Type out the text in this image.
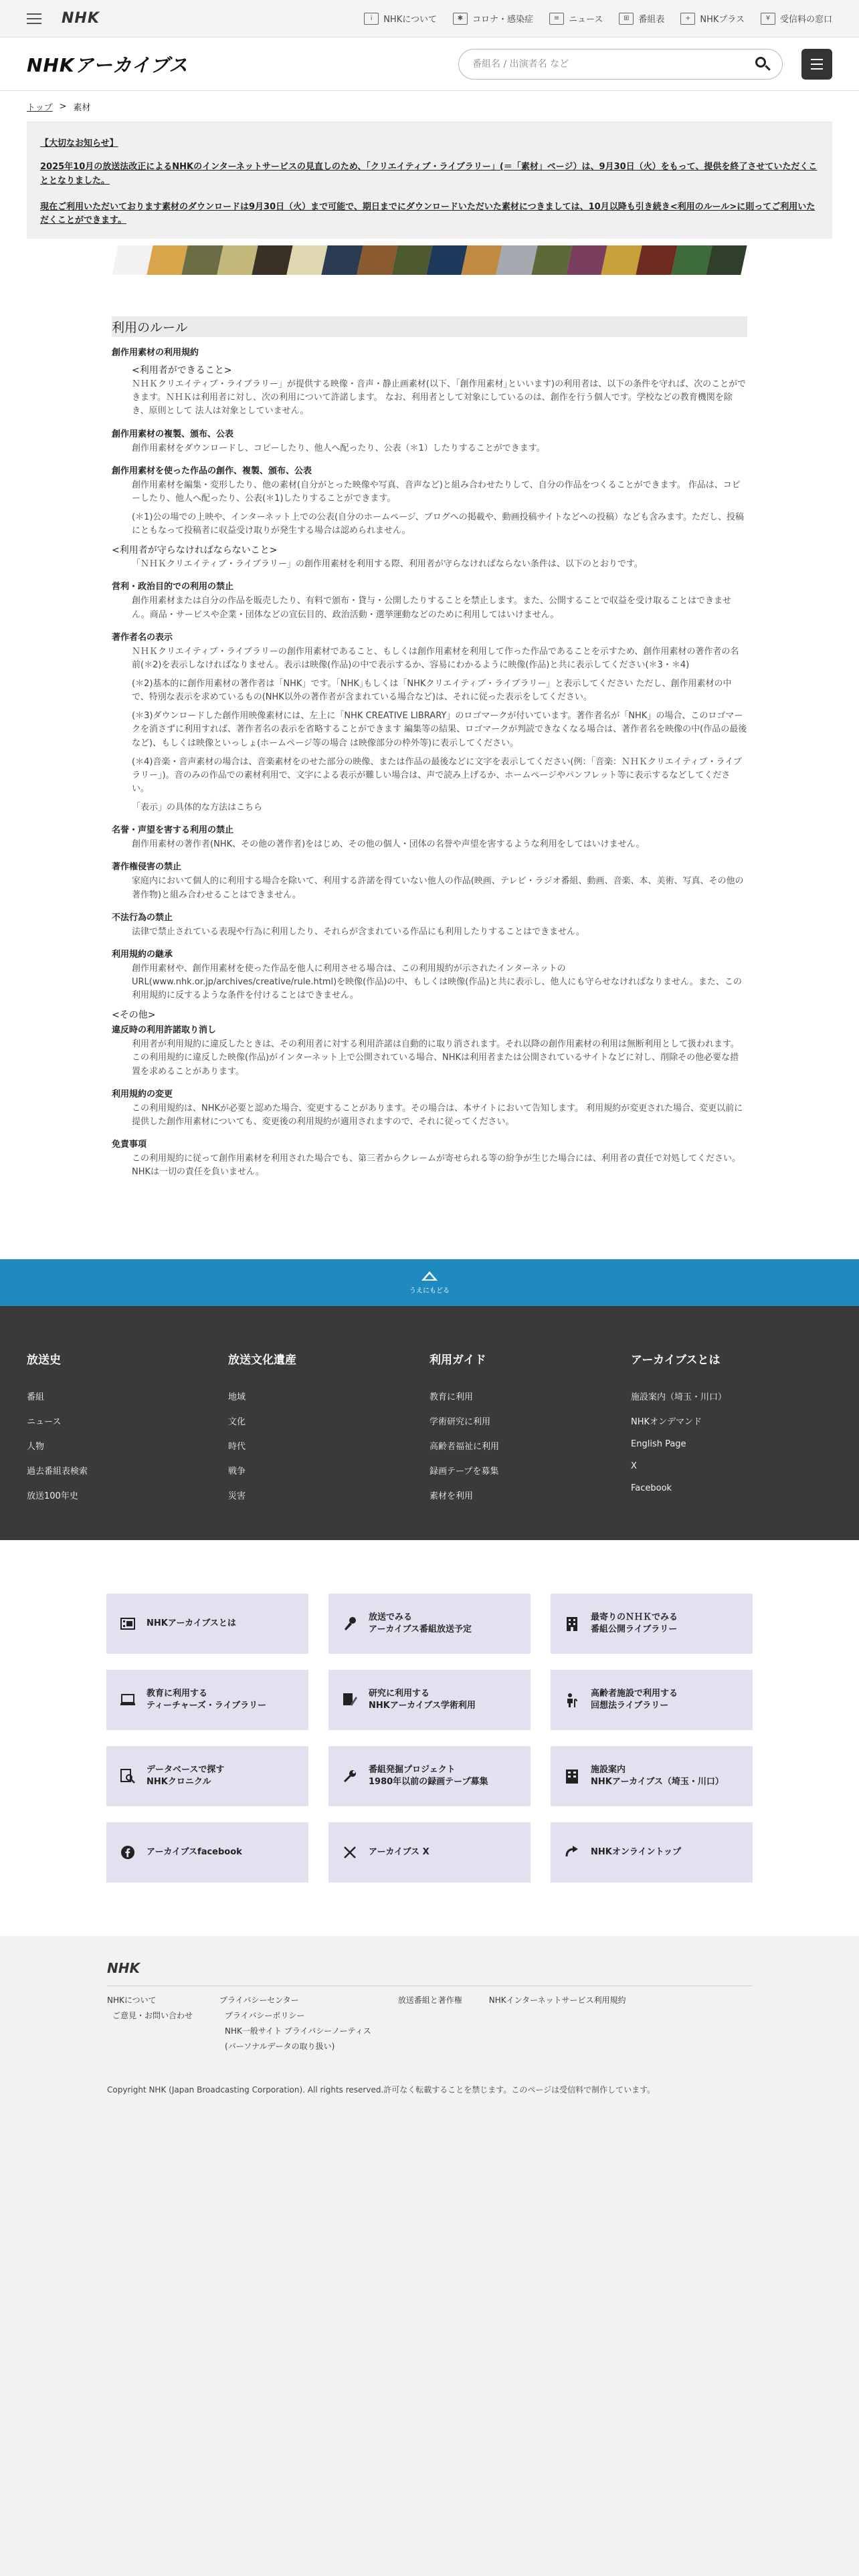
NHK	i	NHKについて	✱	コロナ・感染症	≡	ニュース	⊞	番組表	+	NHKプラス	¥	受信料の窓口
NHKアーカイブス
番組名 / 出演者名 など
トップ > 素材
【大切なお知らせ】

2025年10月の放送法改正によるNHKのインターネットサービスの見直しのため、「クリエイティブ・ライブラリー」(＝「素材」ページ）は、9月30日（火）をもって、提供を終了させていただくこととなりました。

現在ご利用いただいております素材のダウンロードは9月30日（火）まで可能で、期日までにダウンロードいただいた素材につきましては、10月以降も引き続き<利用のルール>に則ってご利用いただくことができます。

利用のルール
創作用素材の利用規約
<利用者ができること>
ＮＨＫクリエイティブ・ライブラリー」が提供する映像・音声・静止画素材(以下、｢創作用素材｣といいます)の利用者は、以下の条件を守れば、次のことができます。ＮＨＫは利用者に対し、次の利用について許諾します。 なお、利用者として対象にしているのは、創作を行う個人です。学校などの教育機関を除き、原則として 法人は対象としていません。
創作用素材の複製、頒布、公表
創作用素材をダウンロードし、コピーしたり、他人へ配ったり、公表（＊1）したりすることができます。
創作用素材を使った作品の創作、複製、頒布、公表
創作用素材を編集・変形したり、他の素材(自分がとった映像や写真、音声など)と組み合わせたりして、自分の作品をつくることができます。 作品は、コピーしたり、他人へ配ったり、公表(＊1)したりすることができます。
(＊1)公の場での上映や、インターネット上での公表(自分のホームページ、ブログへの掲載や、動画投稿サイトなどへの投稿）なども含みます。ただし、投稿にともなって投稿者に収益受け取りが発生する場合は認められません。
<利用者が守らなければならないこと>
「ＮＨＫクリエイティブ・ライブラリー」の創作用素材を利用する際、利用者が守らなければならない条件は、以下のとおりです。
営利・政治目的での利用の禁止
創作用素材または自分の作品を販売したり、有料で頒布・貸与・公開したりすることを禁止します。また、公開することで収益を受け取ることはできません。商品・サービスや企業・団体などの宣伝目的、政治活動・選挙運動などのために利用してはいけません。
著作者名の表示
ＮＨＫクリエイティブ・ライブラリーの創作用素材であること、もしくは創作用素材を利用して作った作品であることを示すため、創作用素材の著作者の名前(＊2)を表示しなければなりません。表示は映像(作品)の中で表示するか、容易にわかるように映像(作品)と共に表示してください(＊3・＊4)
(＊2)基本的に創作用素材の著作者は「NHK」です。｢NHK｣もしくは「NHKクリエイティブ・ライブラリー」と表示してください ただし、創作用素材の中で、特別な表示を求めているもの(NHK以外の著作者が含まれている場合など)は、それに従った表示をしてください。
(＊3)ダウンロードした創作用映像素材には、左上に「NHK CREATIVE LIBRARY」のロゴマークが付いています。著作者名が「NHK」の場合、このロゴマークを消さずに利用すれば、著作者名の表示を省略することができます 編集等の結果、ロゴマークが判読できなくなる場合は、著作者名を映像の中(作品の最後など)、もしくは映像といっしょ(ホームページ等の場合 は映像部分の枠外等)に表示してください。
(＊4)音楽・音声素材の場合は、音楽素材をのせた部分の映像、または作品の最後などに文字を表示してください(例：｢音楽：ＮＨＫクリエイティブ・ライブラリー｣)。音のみの作品での素材利用で、文字による表示が難しい場合は、声で読み上げるか、ホームページやパンフレット等に表示するなどしてください。
「表示」の具体的な方法はこちら
名誉・声望を害する利用の禁止
創作用素材の著作者(NHK、その他の著作者)をはじめ、その他の個人・団体の名誉や声望を害するような利用をしてはいけません。
著作権侵害の禁止
家庭内において個人的に利用する場合を除いて、利用する許諾を得ていない他人の作品(映画、テレビ・ラジオ番組、動画、音楽、本、美術、写真、その他の著作物)と組み合わせることはできません。
不法行為の禁止
法律で禁止されている表現や行為に利用したり、それらが含まれている作品にも利用したりすることはできません。
利用規約の継承
創作用素材や、創作用素材を使った作品を他人に利用させる場合は、この利用規約が示されたインターネットのURL(www.nhk.or.jp/archives/creative/rule.html)を映像(作品)の中、もしくは映像(作品)と共に表示し、他人にも守らせなければなりません。また、この利用規約に反するような条件を付けることはできません。
<その他>
違反時の利用許諾取り消し
利用者が利用規約に違反したときは、その利用者に対する利用許諾は自動的に取り消されます。それ以降の創作用素材の利用は無断利用として扱われます。 この利用規約に違反した映像(作品)がインターネット上で公開されている場合、NHKは利用者または公開されているサイトなどに対し、削除その他必要な措置を求めることがあります。
利用規約の変更
この利用規約は、NHKが必要と認めた場合、変更することがあります。その場合は、本サイトにおいて告知します。 利用規約が変更された場合、変更以前に提供した創作用素材についても、変更後の利用規約が適用されますので、それに従ってください。
免責事項
この利用規約に従って創作用素材を利用された場合でも、第三者からクレームが寄せられる等の紛争が生じた場合には、利用者の責任で対処してください。NHKは一切の責任を負いません。
うえにもどる
放送史
番組
ニュース
人物
過去番組表検索
放送100年史
放送文化遺産
地域
文化
時代
戦争
災害
利用ガイド
教育に利用
学術研究に利用
高齢者福祉に利用
録画テープを募集
素材を利用
アーカイブスとは
施設案内（埼玉・川口）
NHKオンデマンド
English Page
X
Facebook
NHKアーカイブスとは
放送でみる
アーカイブス番組放送予定
最寄りのＮＨＫでみる
番組公開ライブラリー
教育に利用する
ティーチャーズ・ライブラリー
研究に利用する
NHKアーカイブス学術利用
高齢者施設で利用する
回想法ライブラリー
データベースで探す
NHKクロニクル
番組発掘プロジェクト
1980年以前の録画テープ募集
施設案内
NHKアーカイブス（埼玉・川口）
アーカイブスfacebook	アーカイブス X	NHKオンライントップ
NHK
NHKについて
ご意見・お問い合わせ
プライバシーセンター
プライバシーポリシー
NHK一般サイト プライバシーノーティス
(パーソナルデータの取り扱い)
放送番組と著作権	NHKインターネットサービス利用規約
Copyright NHK (Japan Broadcasting Corporation). All rights reserved.許可なく転載することを禁じます。このページは受信料で制作しています。
